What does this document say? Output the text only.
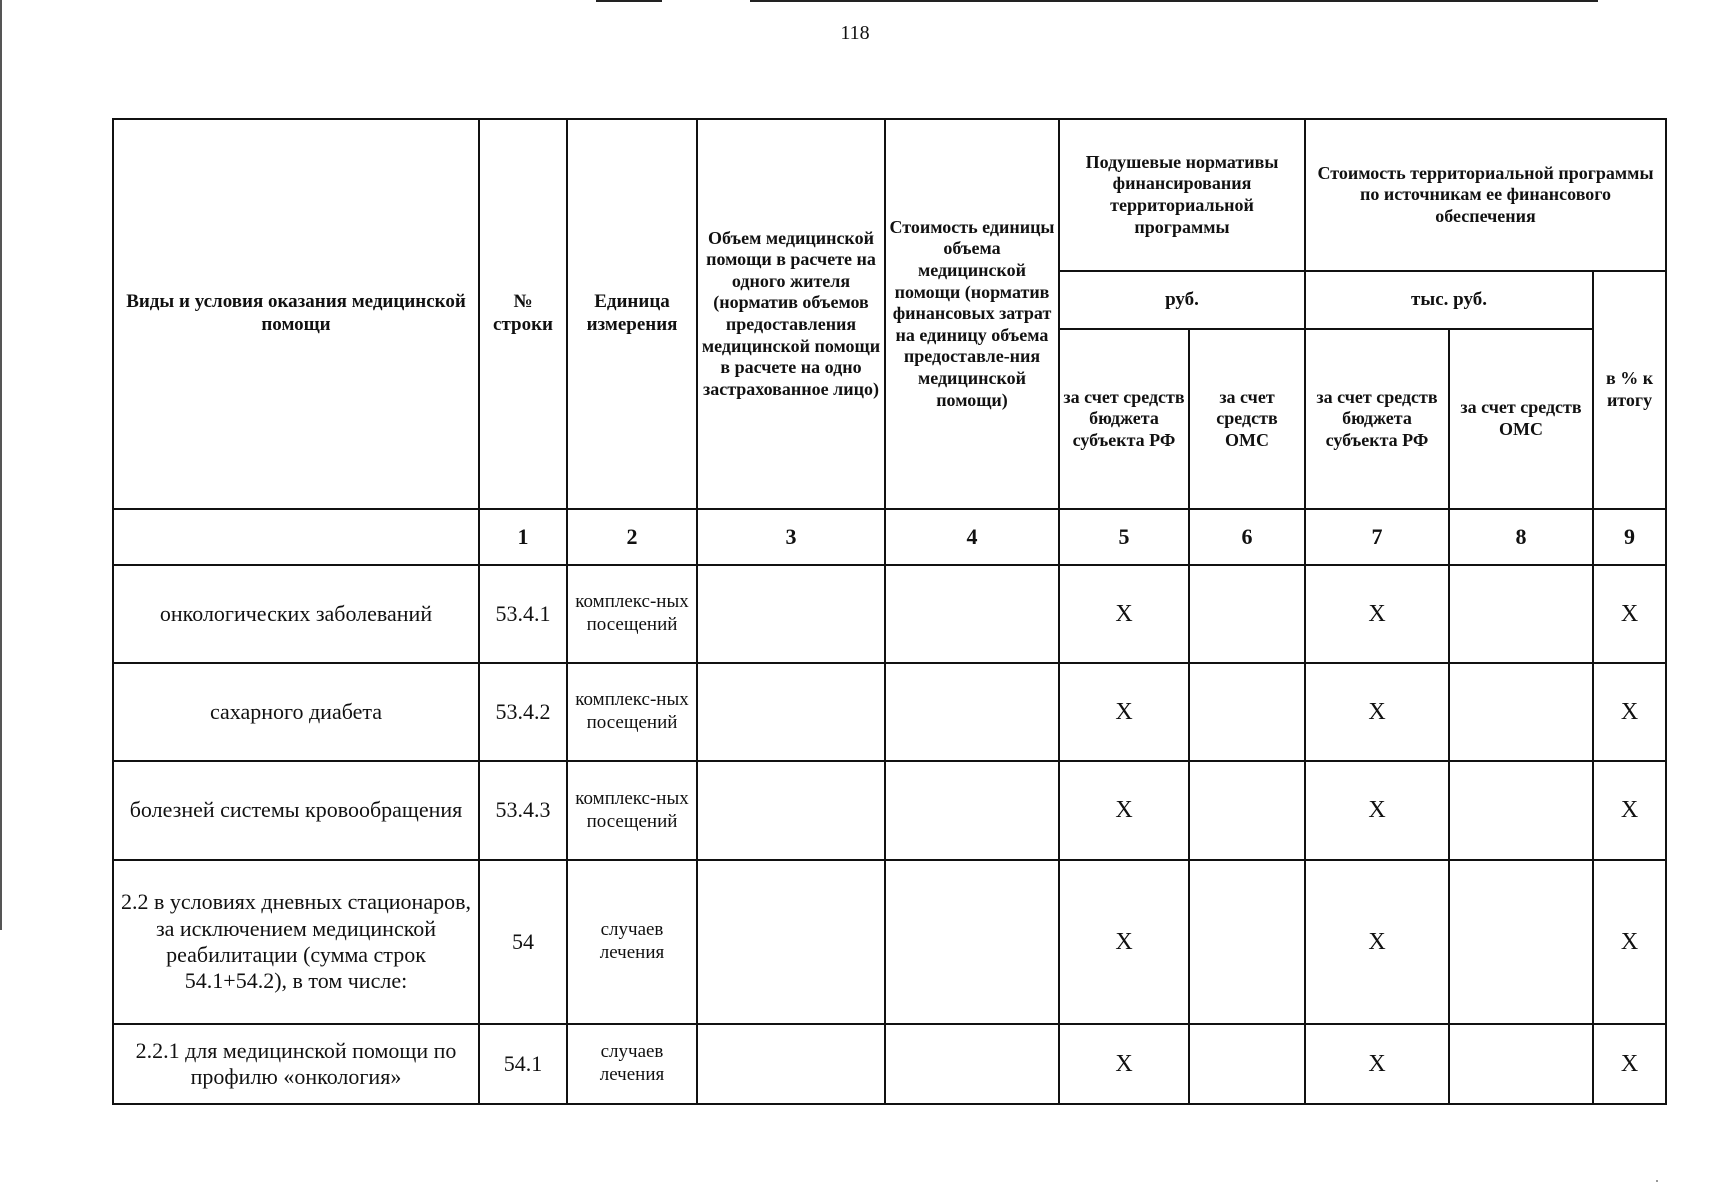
118
Виды и условия оказания медицинской помощи	№ строки	Единица измерения	Объем медицинской помощи в расчете на одного жителя (норматив объемов предоставления медицинской помощи в расчете на одно застрахованное лицо)	Стоимость единицы объема медицинской помощи (норматив финансовых затрат на единицу объема предоставле-ния медицинской помощи)	Подушевые нормативы финансирования территориальной программы		Стоимость территориальной программы по источникам ее финансового обеспечения		
					руб.		тыс. руб.		в % к итогу
					за счет средств бюджета субъекта РФ	за счет средств ОМС	за счет средств бюджета субъекта РФ	за счет средств ОМС	
	1	2	3	4	5	6	7	8	9
онкологических заболеваний	53.4.1	комплекс-ных посещений			X		X		X
сахарного диабета	53.4.2	комплекс-ных посещений			X		X		X
болезней системы кровообращения	53.4.3	комплекс-ных посещений			X		X		X
2.2 в условиях дневных стационаров, за исключением медицинской реабилитации (сумма строк 54.1+54.2), в том числе:	54	случаев лечения			X		X		X
2.2.1 для медицинской помощи по профилю «онкология»	54.1	случаев лечения			X		X		X
